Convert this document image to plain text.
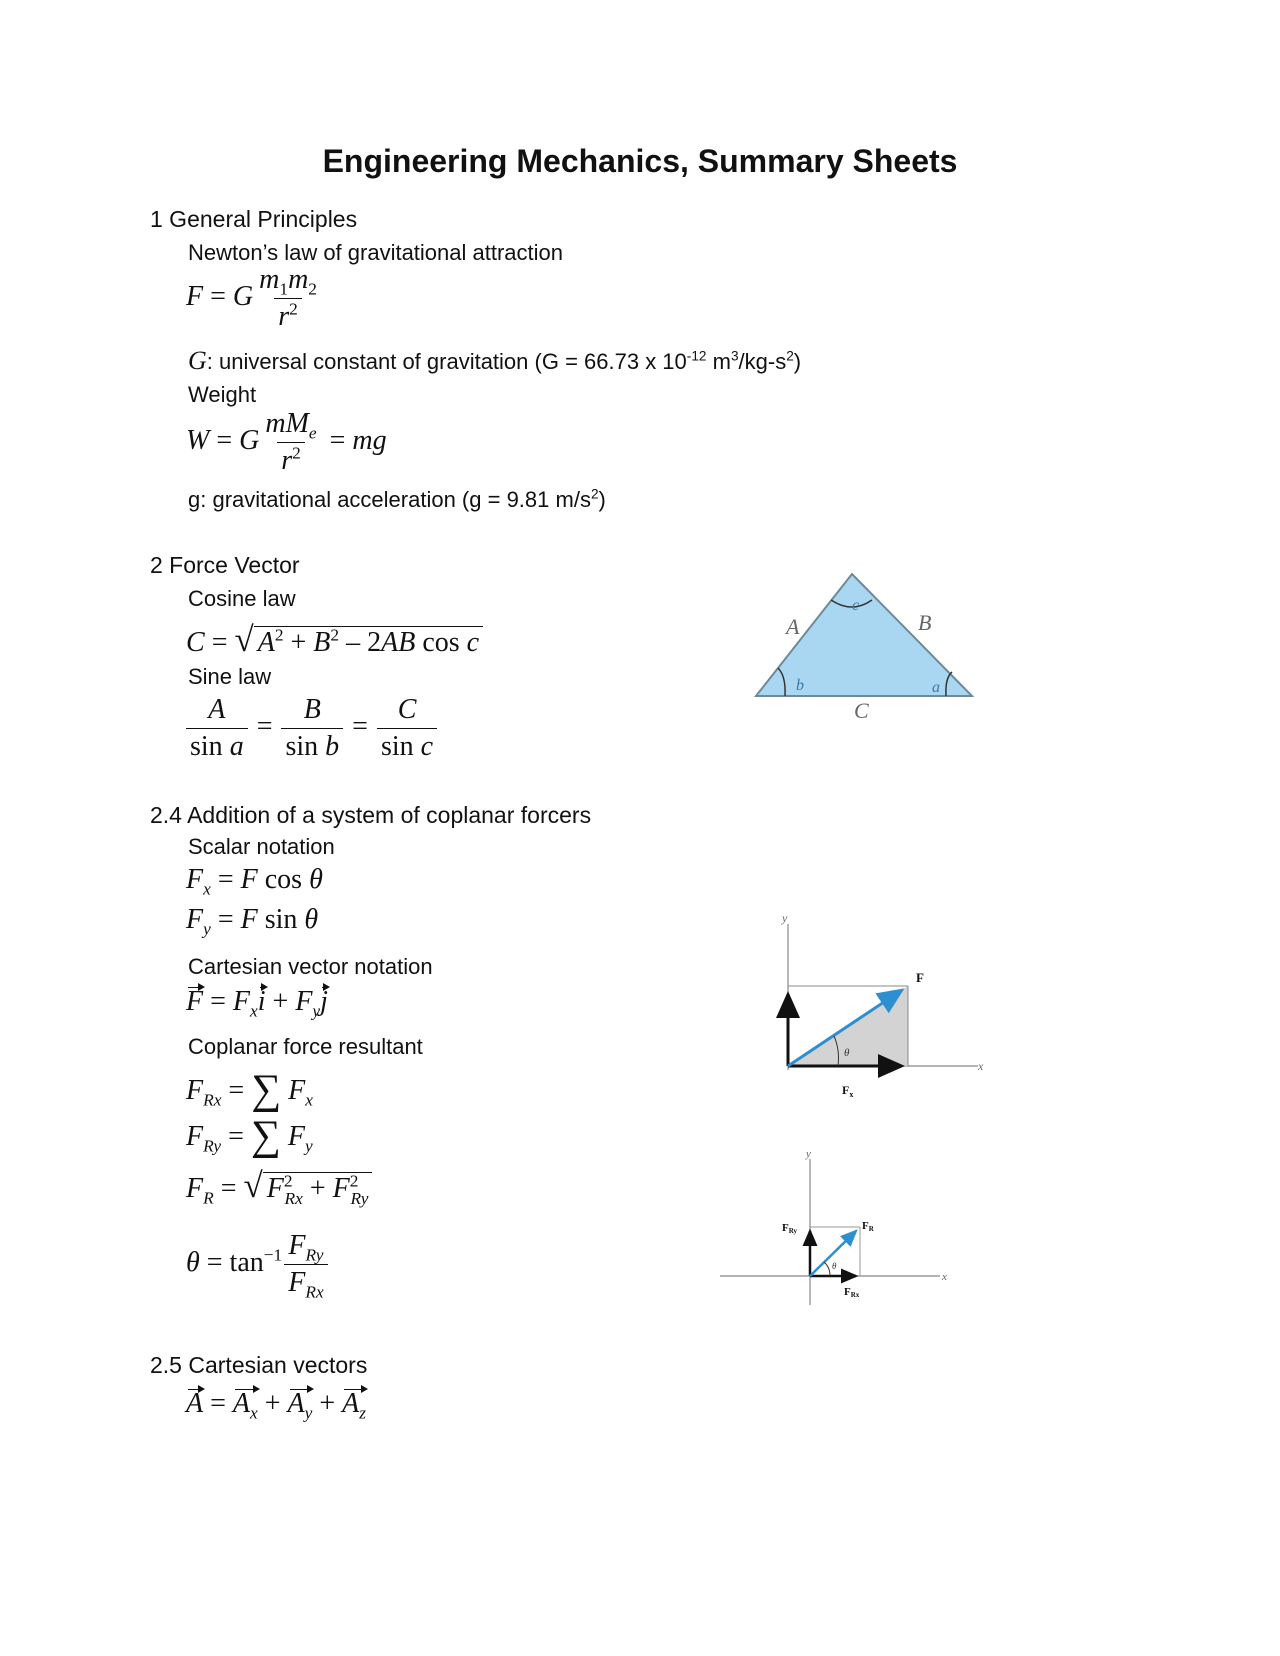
Engineering Mechanics, Summary Sheets
1 General Principles
Newton’s law of gravitational attraction
F = G $\frac{m_1m_2}{r^2}$
G: universal constant of gravitation (G = 66.73 x $10^{-12}$ $m^3/kg-s^2$)
Weight
W = G $\frac{mM_e}{r^2}$ = mg
g: gravitational acceleration (g = 9.81 $m/s^2$)
2 Force Vector
Cosine law
C = √ $A^2 + B^2 - 2AB$ cos c
Sine law
$\frac{A}{\text{sin a}} = \frac{B}{\text{sin b}} = \frac{C}{\text{sin c}}$
A	B
C
a
b
c
2.4 Addition of a system of coplanar forcers
Scalar notation
$F_x = F$ cos θ
$F_y = F$ sin θ
Cartesian vector notation
$F = F_xi + F_yj$
Coplanar force resultant
$F_{Rx}$ = ∑ $F_x$
$F_{Ry}$ = ∑ $F_y$
$F_R$ = √ $F^2_{Rx} + F^2_{Ry}$
$\theta = \tan^{-1} \frac{F_{Ry}}{F_{Rx}}$
y
x
F
θ
$F_x$
y
x
θ
FRy	FR
FRx
2.5 Cartesian vectors
$A = A_x + A_y + A_z$
